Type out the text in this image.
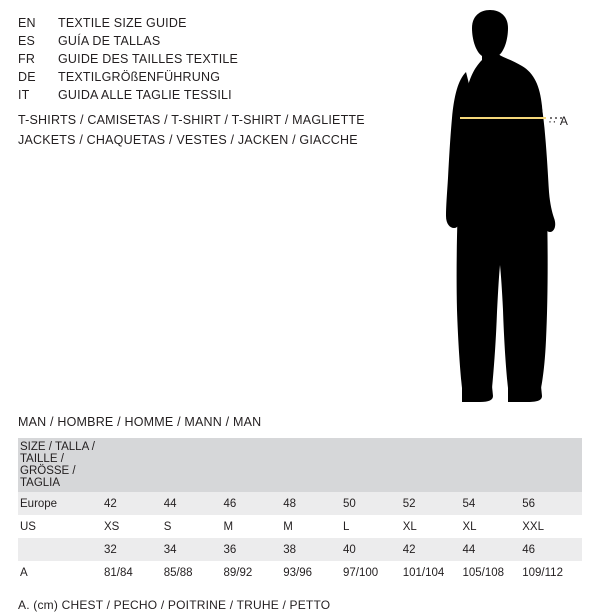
EN	TEXTILE SIZE GUIDE
ES	GUÍA DE TALLAS
FR	GUIDE DES TAILLES TEXTILE
DE	TEXTILGRÖßENFÜHRUNG
IT	GUIDA ALLE TAGLIE TESSILI
T-SHIRTS / CAMISETAS / T-SHIRT / T-SHIRT / MAGLIETTE
JACKETS / CHAQUETAS / VESTES / JACKEN / GIACCHE
·· A
MAN / HOMBRE / HOMME / MANN / MAN
SIZE / TALLA / TAILLE / GRÖSSE / TAGLIA								
Europe	42	44	46	48	50	52	54	56
US	XS	S	M	M	L	XL	XL	XXL
	32	34	36	38	40	42	44	46
A	81/84	85/88	89/92	93/96	97/100	101/104	105/108	109/112
A. (cm) CHEST / PECHO / POITRINE / TRUHE / PETTO
